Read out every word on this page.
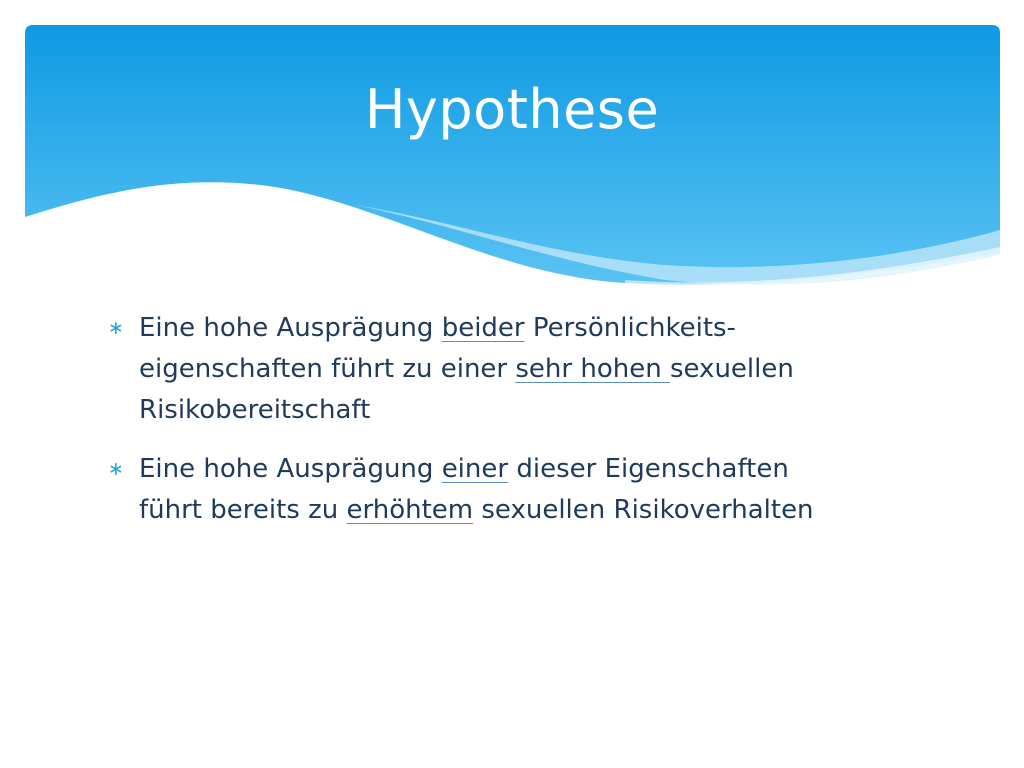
Hypothese
∗ Eine hohe Ausprägung beider Persönlichkeits-
eigenschaften führt zu einer sehr hohen sexuellen
Risikobereitschaft
∗ Eine hohe Ausprägung einer dieser Eigenschaften
führt bereits zu erhöhtem sexuellen Risikoverhalten
